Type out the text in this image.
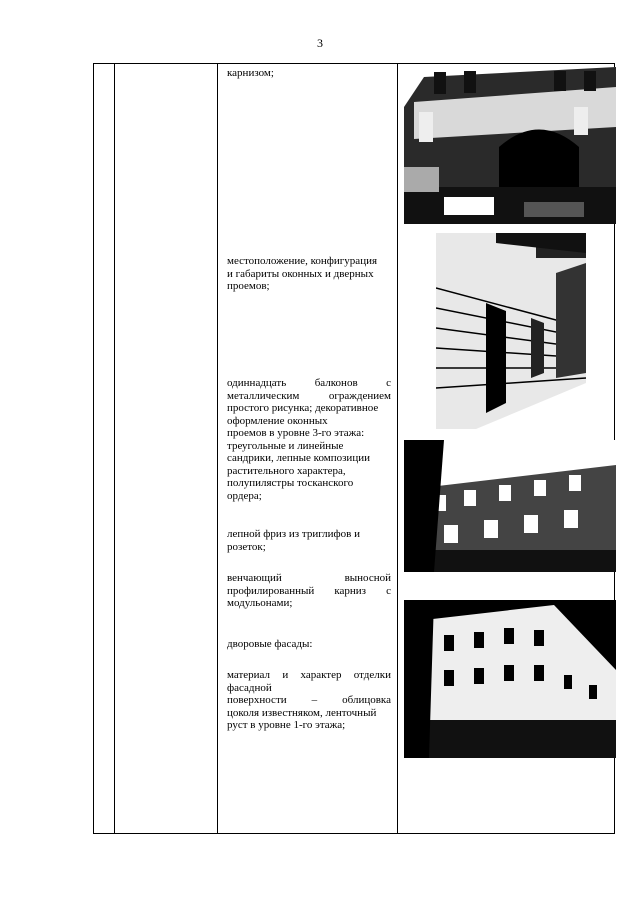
3
карнизом;
местоположение, конфигурация
и габариты оконных и дверных
проемов;
одиннадцать балконов с
металлическим ограждением
простого рисунка; декоративное
оформление оконных
проемов в уровне 3-го этажа:
треугольные и линейные
сандрики, лепные композиции
растительного характера,
полупилястры тосканского
ордера;
лепной фриз из триглифов и
розеток;
венчающий выносной
профилированный карниз с
модульонами;
дворовые фасады:
материал и характер отделки
фасадной
поверхности – облицовка
цоколя известняком, ленточный
руст в уровне 1-го этажа;
